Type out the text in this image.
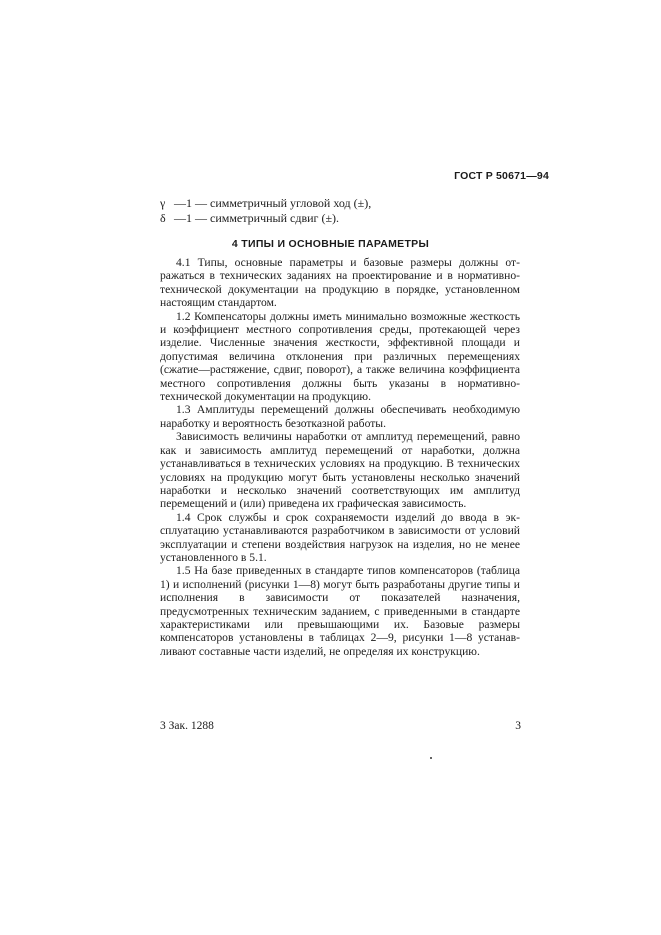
ГОСТ Р 50671—94
γ —1 — симметричный угловой ход (±),
δ —1 — симметричный сдвиг (±).
4 ТИПЫ И ОСНОВНЫЕ ПАРАМЕТРЫ

4.1 Типы, основные параметры и базовые размеры должны отражаться в технических заданиях на проектирование и в нормативно-технической документации на продукцию в порядке, установленном настоящим стандартом.

1.2 Компенсаторы должны иметь минимально возможные жесткость и коэффициент местного сопротивления среды, протекающей через изделие. Численные значения жесткости, эффективной площади и допустимая величина отклонения при различных перемещениях (сжатие—растяжение, сдвиг, поворот), а также величина коэффициента местного сопротивления должны быть указаны в нормативно-технической документации на продукцию.

1.3 Амплитуды перемещений должны обеспечивать необходимую наработку и вероятность безотказной работы.

Зависимость величины наработки от амплитуд перемещений, равно как и зависимость амплитуд перемещений от наработки, должна устанавливаться в технических условиях на продукцию. В технических условиях на продукцию могут быть установлены несколько значений наработки и несколько значений соответствующих им амплитуд перемещений и (или) приведена их графическая зависимость.

1.4 Срок службы и срок сохраняемости изделий до ввода в эксплуатацию устанавливаются разработчиком в зависимости от условий эксплуатации и степени воздействия нагрузок на изделия, но не менее установленного в 5.1.

1.5 На базе приведенных в стандарте типов компенсаторов (таблица 1) и исполнений (рисунки 1—8) могут быть разработаны другие типы и исполнения в зависимости от показателей назначения, предусмотренных техническим заданием, с приведенными в стандарте характеристиками или превышающими их. Базовые размеры компенсаторов установлены в таблицах 2—9, рисунки 1—8 устанавливают составные части изделий, не определяя их конструкцию.

3 Зак. 1288	3
